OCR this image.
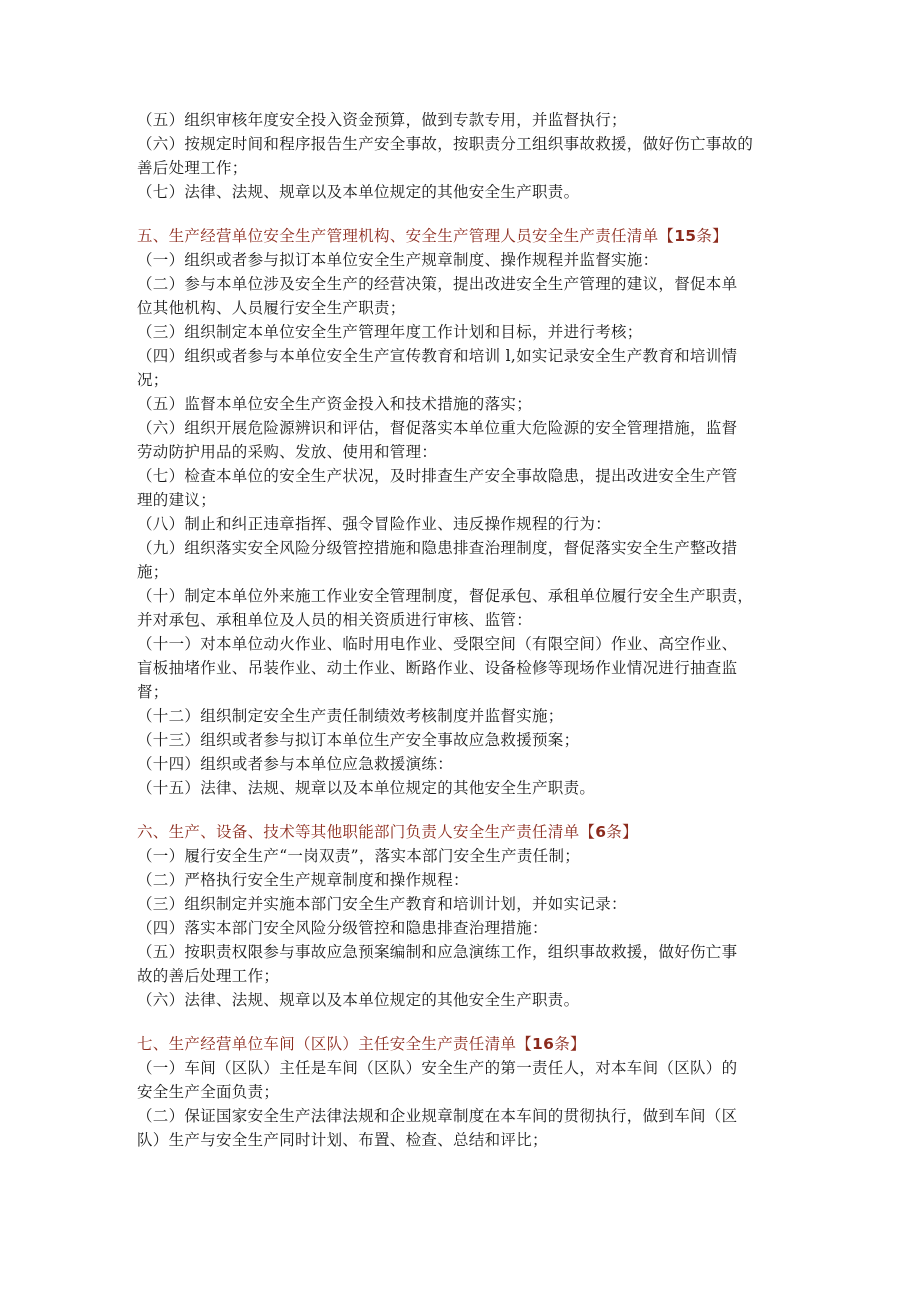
（五）组织审核年度安全投入资金预算，做到专款专用，并监督执行；
（六）按规定时间和程序报告生产安全事故，按职责分工组织事故救援，做好伤亡事故的
善后处理工作；
（七）法律、法规、规章以及本单位规定的其他安全生产职责。
五、生产经营单位安全生产管理机构、安全生产管理人员安全生产责任清单【15条】
（一）组织或者参与拟订本单位安全生产规章制度、操作规程并监督实施：
（二）参与本单位涉及安全生产的经营决策，提出改进安全生产管理的建议，督促本单
位其他机构、人员履行安全生产职责；
（三）组织制定本单位安全生产管理年度工作计划和目标，并进行考核；
（四）组织或者参与本单位安全生产宣传教育和培训 l,如实记录安全生产教育和培训情
况；
（五）监督本单位安全生产资金投入和技术措施的落实；
（六）组织开展危险源辨识和评估，督促落实本单位重大危险源的安全管理措施，监督
劳动防护用品的采购、发放、使用和管理：
（七）检查本单位的安全生产状况，及时排查生产安全事故隐患，提出改进安全生产管
理的建议；
（八）制止和纠正违章指挥、强令冒险作业、违反操作规程的行为：
（九）组织落实安全风险分级管控措施和隐患排查治理制度，督促落实安全生产整改措
施；
（十）制定本单位外来施工作业安全管理制度，督促承包、承租单位履行安全生产职责，
并对承包、承租单位及人员的相关资质进行审核、监管：
（十一）对本单位动火作业、临时用电作业、受限空间（有限空间）作业、高空作业、
盲板抽堵作业、吊装作业、动土作业、断路作业、设备检修等现场作业情况进行抽查监
督；
（十二）组织制定安全生产责任制绩效考核制度并监督实施；
（十三）组织或者参与拟订本单位生产安全事故应急救援预案；
（十四）组织或者参与本单位应急救援演练：
（十五）法律、法规、规章以及本单位规定的其他安全生产职责。
六、生产、设备、技术等其他职能部门负责人安全生产责任清单【6条】
（一）履行安全生产“一岗双责”，落实本部门安全生产责任制；
（二）严格执行安全生产规章制度和操作规程：
（三）组织制定并实施本部门安全生产教育和培训计划，并如实记录：
（四）落实本部门安全风险分级管控和隐患排查治理措施：
（五）按职责权限参与事故应急预案编制和应急演练工作，组织事故救援，做好伤亡事
故的善后处理工作；
（六）法律、法规、规章以及本单位规定的其他安全生产职责。
七、生产经营单位车间（区队）主任安全生产责任清单【16条】
（一）车间（区队）主任是车间（区队）安全生产的第一责任人，对本车间（区队）的
安全生产全面负责；
（二）保证国家安全生产法律法规和企业规章制度在本车间的贯彻执行，做到车间（区
队）生产与安全生产同时计划、布置、检查、总结和评比；
